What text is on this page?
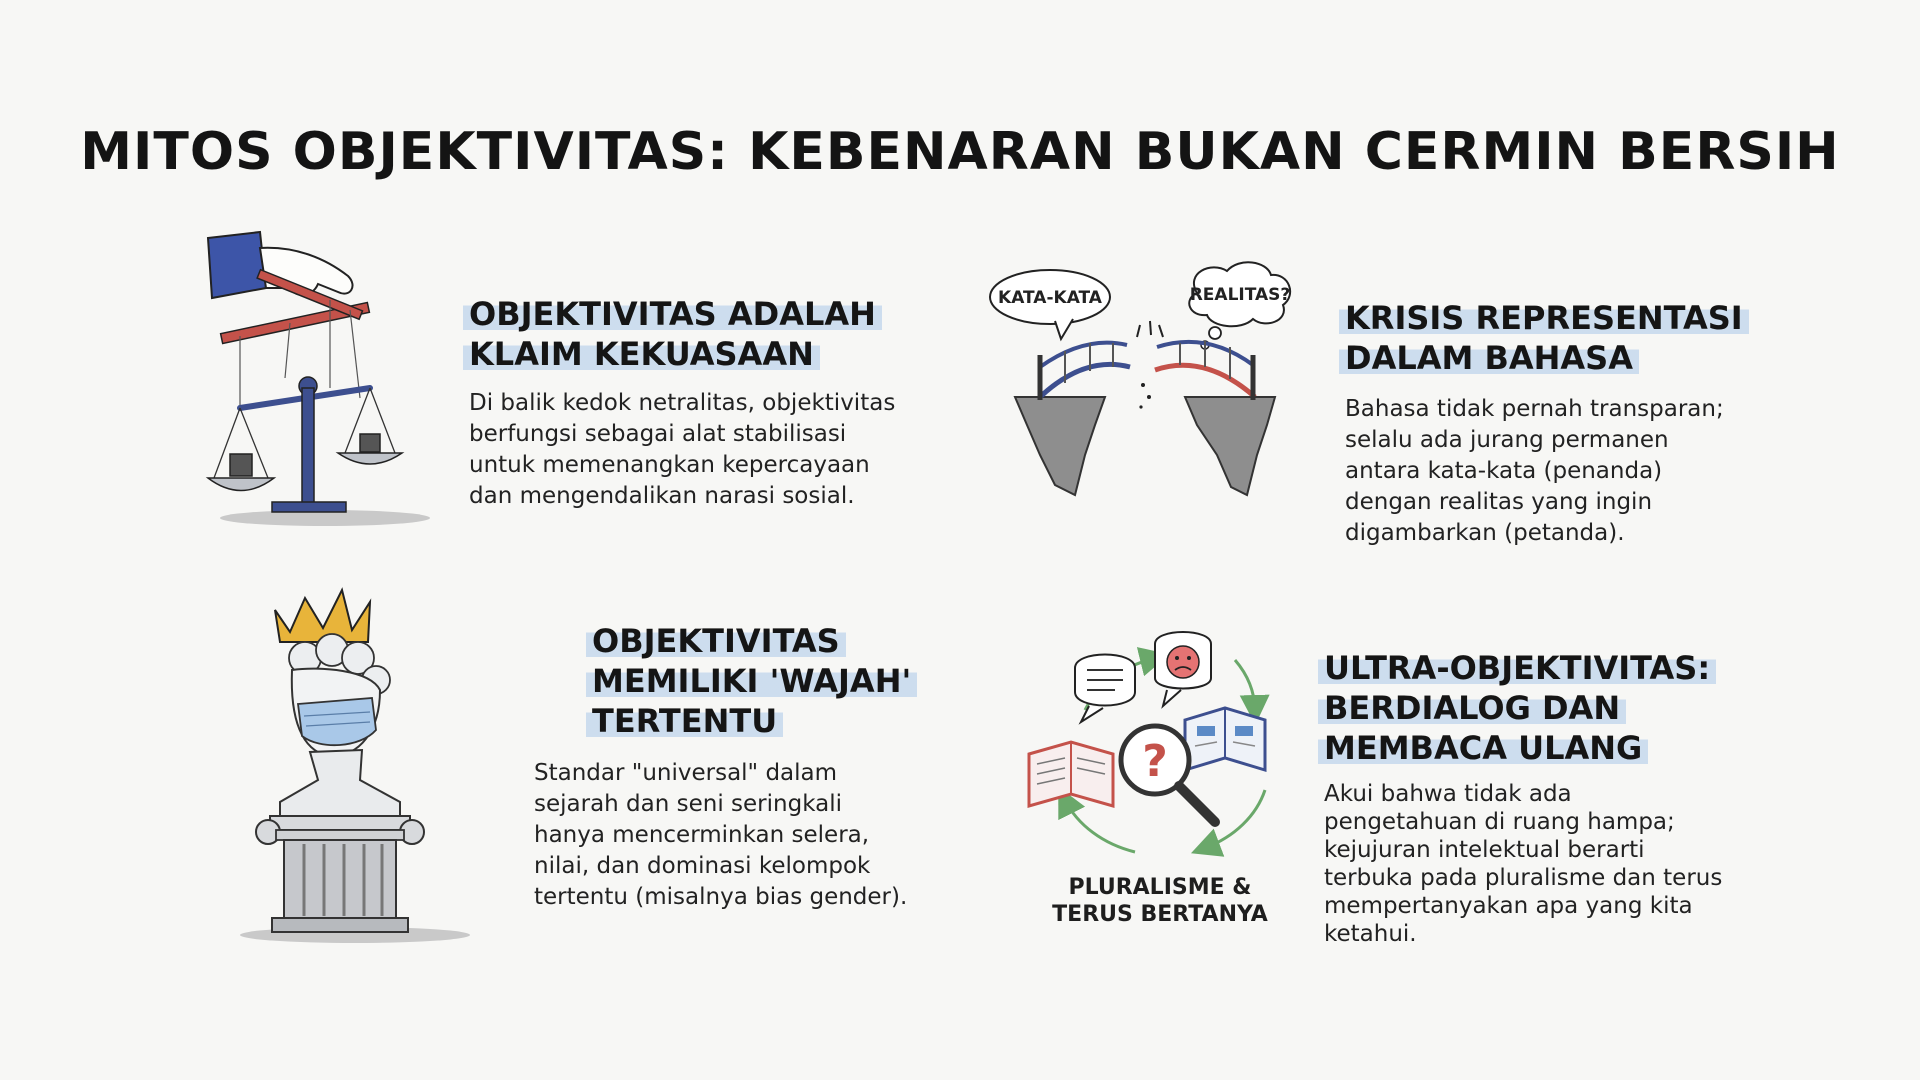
MITOS OBJEKTIVITAS: KEBENARAN BUKAN CERMIN BERSIH
OBJEKTIVITAS ADALAH
KLAIM KEKUASAAN

Di balik kedok netralitas, objektivitas berfungsi sebagai alat stabilisasi untuk memenangkan kepercayaan dan mengendalikan narasi sosial.

KATA-KATA	REALITAS?
KRISIS REPRESENTASI
DALAM BAHASA

Bahasa tidak pernah transparan; selalu ada jurang permanen antara kata-kata (penanda) dengan realitas yang ingin digambarkan (petanda).

OBJEKTIVITAS
MEMILIKI 'WAJAH'
TERTENTU

Standar "universal" dalam sejarah dan seni seringkali hanya mencerminkan selera, nilai, dan dominasi kelompok tertentu (misalnya bias gender).

?

PLURALISME &
TERUS BERTANYA

ULTRA-OBJEKTIVITAS:
BERDIALOG DAN
MEMBACA ULANG

Akui bahwa tidak ada pengetahuan di ruang hampa; kejujuran intelektual berarti terbuka pada pluralisme dan terus mempertanyakan apa yang kita ketahui.
